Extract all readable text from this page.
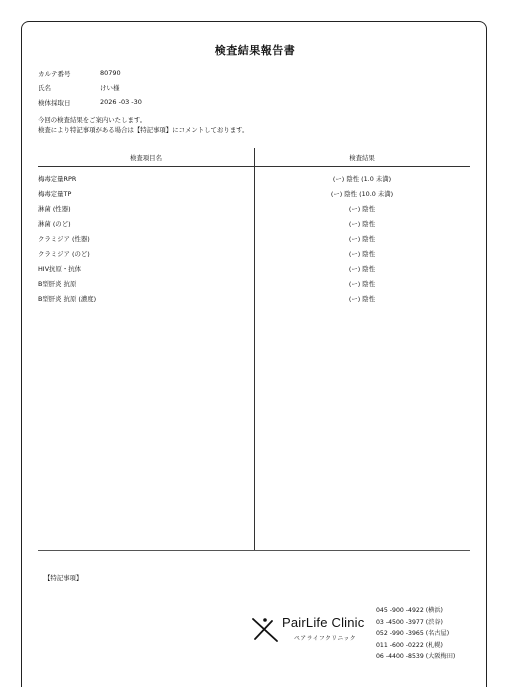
検査結果報告書
カルテ番号	80790
氏名	けい様
検体採取日	2026 -03 -30
今回の検査結果をご案内いたします。
検査により特記事項がある場合は【特記事項】にコメントしております。
検査項目名	検査結果
梅毒定量RPR	(ー) 陰性 (1.0 未満)
梅毒定量TP	(ー) 陰性 (10.0 未満)
淋菌 (性器)	(ー) 陰性
淋菌 (のど)	(ー) 陰性
クラミジア (性器)	(ー) 陰性
クラミジア (のど)	(ー) 陰性
HIV抗原・抗体	(ー) 陰性
B型肝炎 抗原	(ー) 陰性
B型肝炎 抗原 (濃度)	(ー) 陰性
【特記事項】
PairLife Clinic
ペアライフクリニック
045 -900 -4922 (横浜)
03 -4500 -3977 (渋谷)
052 -990 -3965 (名古屋)
011 -600 -0222 (札幌)
06 -4400 -8539 (大阪梅田)
